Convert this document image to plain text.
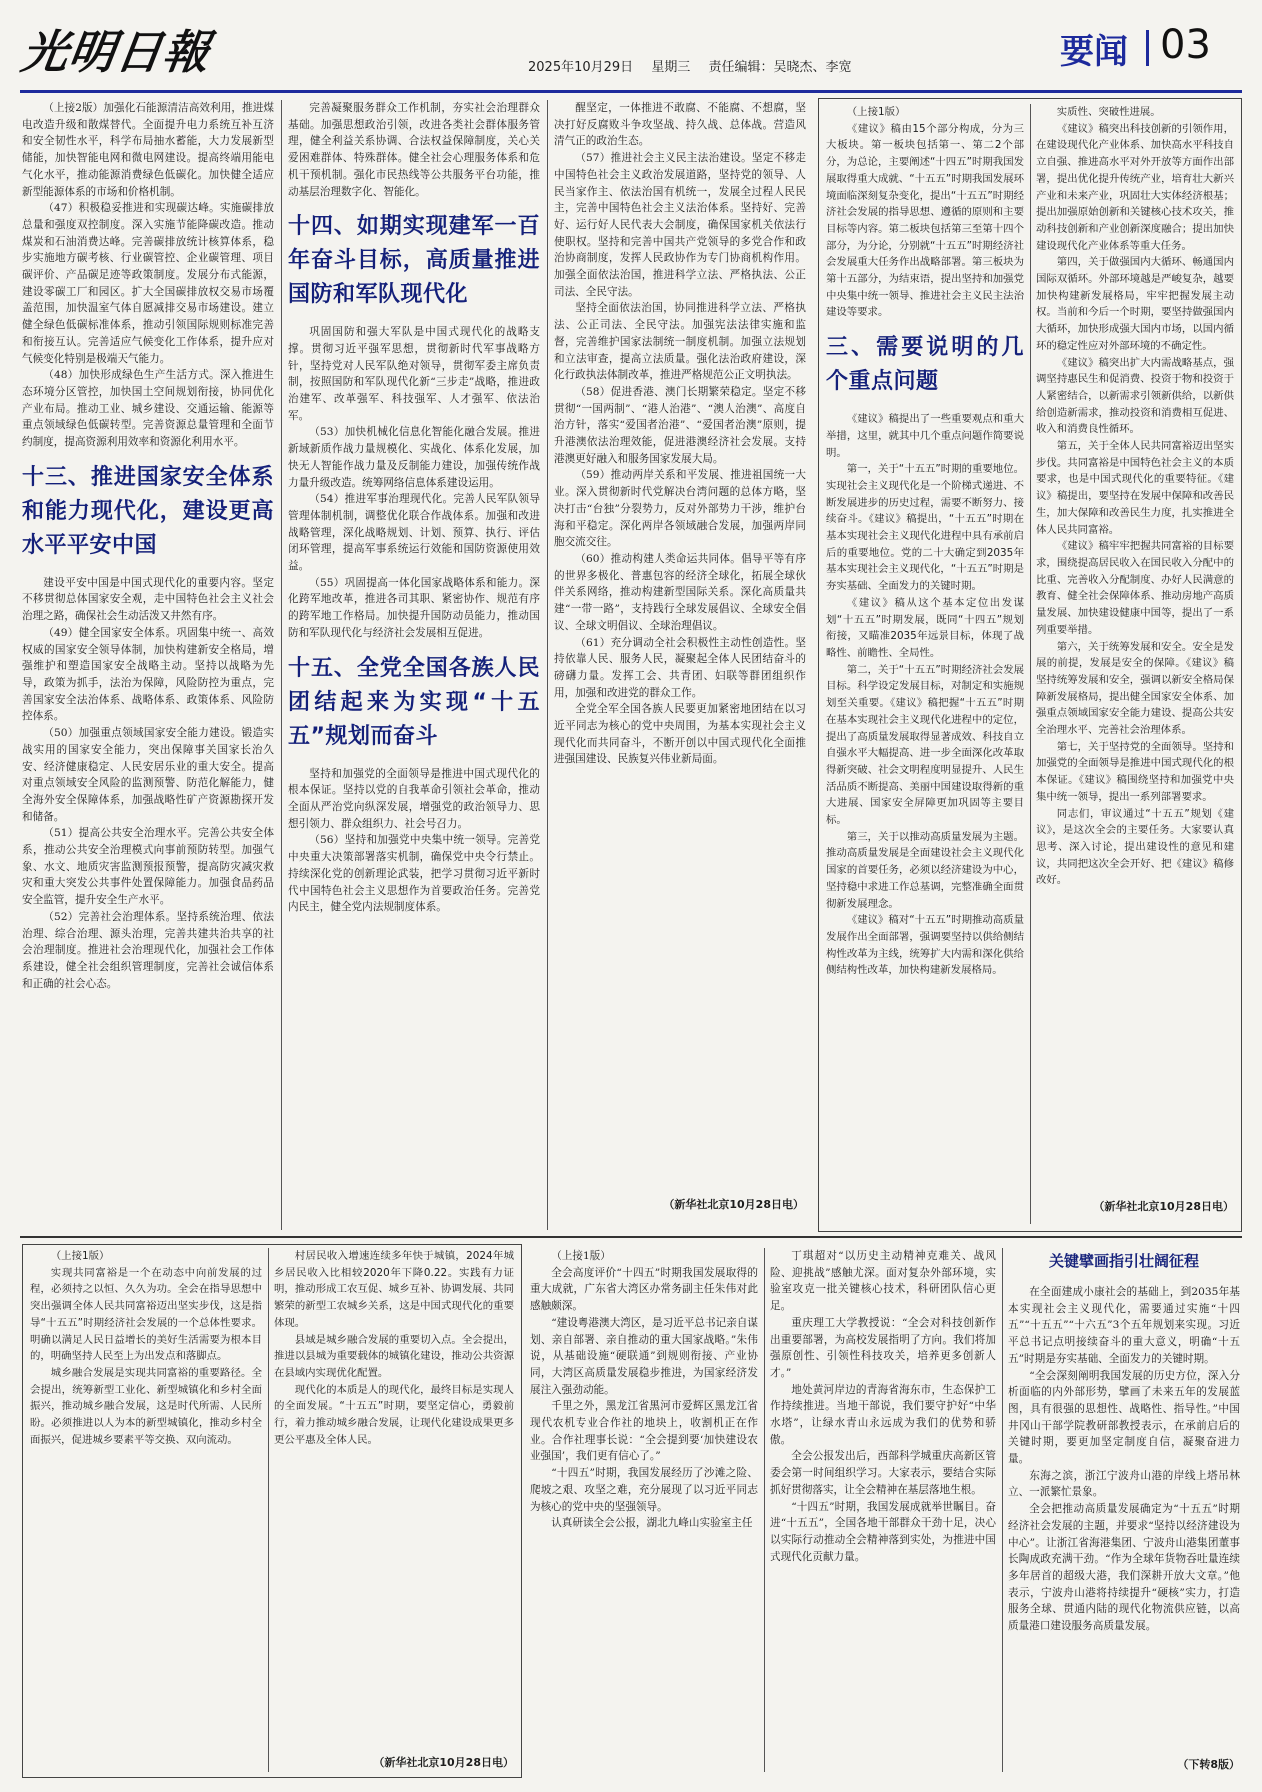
光明日報	2025年10月29日 星期三 责任编辑：吴晓杰、李宽	要闻 03

（上接2版）加强化石能源清洁高效利用，推进煤电改造升级和散煤替代。全面提升电力系统互补互济和安全韧性水平，科学布局抽水蓄能，大力发展新型储能，加快智能电网和微电网建设。提高终端用能电气化水平，推动能源消费绿色低碳化。加快健全适应新型能源体系的市场和价格机制。

（47）积极稳妥推进和实现碳达峰。实施碳排放总量和强度双控制度。深入实施节能降碳改造。推动煤炭和石油消费达峰。完善碳排放统计核算体系，稳步实施地方碳考核、行业碳管控、企业碳管理、项目碳评价、产品碳足迹等政策制度。发展分布式能源，建设零碳工厂和园区。扩大全国碳排放权交易市场覆盖范围，加快温室气体自愿减排交易市场建设。建立健全绿色低碳标准体系，推动引领国际规则标准完善和衔接互认。完善适应气候变化工作体系，提升应对气候变化特别是极端天气能力。

（48）加快形成绿色生产生活方式。深入推进生态环境分区管控，加快国土空间规划衔接，协同优化产业布局。推动工业、城乡建设、交通运输、能源等重点领域绿色低碳转型。完善资源总量管理和全面节约制度，提高资源利用效率和资源化利用水平。

十三、推进国家安全体系和能力现代化，建设更高水平平安中国

建设平安中国是中国式现代化的重要内容。坚定不移贯彻总体国家安全观，走中国特色社会主义社会治理之路，确保社会生动活泼又井然有序。

（49）健全国家安全体系。巩固集中统一、高效权威的国家安全领导体制，加快构建新安全格局，增强维护和塑造国家安全战略主动。坚持以战略为先导，政策为抓手，法治为保障，风险防控为重点，完善国家安全法治体系、战略体系、政策体系、风险防控体系。

（50）加强重点领域国家安全能力建设。锻造实战实用的国家安全能力，突出保障事关国家长治久安、经济健康稳定、人民安居乐业的重大安全。提高对重点领域安全风险的监测预警、防范化解能力，健全海外安全保障体系，加强战略性矿产资源勘探开发和储备。

（51）提高公共安全治理水平。完善公共安全体系，推动公共安全治理模式向事前预防转型。加强气象、水文、地质灾害监测预报预警，提高防灾减灾救灾和重大突发公共事件处置保障能力。加强食品药品安全监管，提升安全生产水平。

（52）完善社会治理体系。坚持系统治理、依法治理、综合治理、源头治理，完善共建共治共享的社会治理制度。推进社会治理现代化，加强社会工作体系建设，健全社会组织管理制度，完善社会诚信体系和正确的社会心态。

完善凝聚服务群众工作机制，夯实社会治理群众基础。加强思想政治引领，改进各类社会群体服务管理，健全利益关系协调、合法权益保障制度，关心关爱困难群体、特殊群体。健全社会心理服务体系和危机干预机制。强化市民热线等公共服务平台功能，推动基层治理数字化、智能化。

十四、如期实现建军一百年奋斗目标，高质量推进国防和军队现代化

巩固国防和强大军队是中国式现代化的战略支撑。贯彻习近平强军思想，贯彻新时代军事战略方针，坚持党对人民军队绝对领导，贯彻军委主席负责制，按照国防和军队现代化新“三步走”战略，推进政治建军、改革强军、科技强军、人才强军、依法治军。

（53）加快机械化信息化智能化融合发展。推进新域新质作战力量规模化、实战化、体系化发展，加快无人智能作战力量及反制能力建设，加强传统作战力量升级改造。统筹网络信息体系建设运用。

（54）推进军事治理现代化。完善人民军队领导管理体制机制，调整优化联合作战体系。加强和改进战略管理，深化战略规划、计划、预算、执行、评估闭环管理，提高军事系统运行效能和国防资源使用效益。

（55）巩固提高一体化国家战略体系和能力。深化跨军地改革，推进各司其职、紧密协作、规范有序的跨军地工作格局。加快提升国防动员能力，推动国防和军队现代化与经济社会发展相互促进。

十五、全党全国各族人民团结起来为实现“十五五”规划而奋斗

坚持和加强党的全面领导是推进中国式现代化的根本保证。坚持以党的自我革命引领社会革命，推动全面从严治党向纵深发展，增强党的政治领导力、思想引领力、群众组织力、社会号召力。

（56）坚持和加强党中央集中统一领导。完善党中央重大决策部署落实机制，确保党中央令行禁止。持续深化党的创新理论武装，把学习贯彻习近平新时代中国特色社会主义思想作为首要政治任务。完善党内民主，健全党内法规制度体系。

醒坚定，一体推进不敢腐、不能腐、不想腐，坚决打好反腐败斗争攻坚战、持久战、总体战。营造风清气正的政治生态。

（57）推进社会主义民主法治建设。坚定不移走中国特色社会主义政治发展道路，坚持党的领导、人民当家作主、依法治国有机统一，发展全过程人民民主，完善中国特色社会主义法治体系。坚持好、完善好、运行好人民代表大会制度，确保国家机关依法行使职权。坚持和完善中国共产党领导的多党合作和政治协商制度，发挥人民政协作为专门协商机构作用。加强全面依法治国，推进科学立法、严格执法、公正司法、全民守法。

坚持全面依法治国，协同推进科学立法、严格执法、公正司法、全民守法。加强宪法法律实施和监督，完善维护国家法制统一制度机制。加强立法规划和立法审查，提高立法质量。强化法治政府建设，深化行政执法体制改革，推进严格规范公正文明执法。

（58）促进香港、澳门长期繁荣稳定。坚定不移贯彻“一国两制”、“港人治港”、“澳人治澳”、高度自治方针，落实“爱国者治港”、“爱国者治澳”原则，提升港澳依法治理效能，促进港澳经济社会发展。支持港澳更好融入和服务国家发展大局。

（59）推动两岸关系和平发展、推进祖国统一大业。深入贯彻新时代党解决台湾问题的总体方略，坚决打击“台独”分裂势力，反对外部势力干涉，维护台海和平稳定。深化两岸各领域融合发展，加强两岸同胞交流交往。

（60）推动构建人类命运共同体。倡导平等有序的世界多极化、普惠包容的经济全球化，拓展全球伙伴关系网络，推动构建新型国际关系。深化高质量共建“一带一路”，支持践行全球发展倡议、全球安全倡议、全球文明倡议、全球治理倡议。

（61）充分调动全社会积极性主动性创造性。坚持依靠人民、服务人民，凝聚起全体人民团结奋斗的磅礴力量。发挥工会、共青团、妇联等群团组织作用，加强和改进党的群众工作。

全党全军全国各族人民要更加紧密地团结在以习近平同志为核心的党中央周围，为基本实现社会主义现代化而共同奋斗，不断开创以中国式现代化全面推进强国建设、民族复兴伟业新局面。

（新华社北京10月28日电）

（上接1版）

《建议》稿由15个部分构成，分为三大板块。第一板块包括第一、第二2个部分，为总论，主要阐述“十四五”时期我国发展取得重大成就、“十五五”时期我国发展环境面临深刻复杂变化，提出“十五五”时期经济社会发展的指导思想、遵循的原则和主要目标等内容。第二板块包括第三至第十四个部分，为分论，分别就“十五五”时期经济社会发展重大任务作出战略部署。第三板块为第十五部分，为结束语，提出坚持和加强党中央集中统一领导、推进社会主义民主法治建设等要求。

三、需要说明的几个重点问题

《建议》稿提出了一些重要观点和重大举措，这里，就其中几个重点问题作简要说明。

第一，关于“十五五”时期的重要地位。实现社会主义现代化是一个阶梯式递进、不断发展进步的历史过程，需要不断努力、接续奋斗。《建议》稿提出，“十五五”时期在基本实现社会主义现代化进程中具有承前启后的重要地位。党的二十大确定到2035年基本实现社会主义现代化，“十五五”时期是夯实基础、全面发力的关键时期。

《建议》稿从这个基本定位出发谋划“十五五”时期发展，既同“十四五”规划衔接，又瞄准2035年远景目标，体现了战略性、前瞻性、全局性。

第二，关于“十五五”时期经济社会发展目标。科学设定发展目标，对制定和实施规划至关重要。《建议》稿把握“十五五”时期在基本实现社会主义现代化进程中的定位，提出了高质量发展取得显著成效、科技自立自强水平大幅提高、进一步全面深化改革取得新突破、社会文明程度明显提升、人民生活品质不断提高、美丽中国建设取得新的重大进展、国家安全屏障更加巩固等主要目标。

第三，关于以推动高质量发展为主题。推动高质量发展是全面建设社会主义现代化国家的首要任务，必须以经济建设为中心，坚持稳中求进工作总基调，完整准确全面贯彻新发展理念。

《建议》稿对“十五五”时期推动高质量发展作出全面部署，强调要坚持以供给侧结构性改革为主线，统筹扩大内需和深化供给侧结构性改革，加快构建新发展格局。

实质性、突破性进展。

《建议》稿突出科技创新的引领作用，在建设现代化产业体系、加快高水平科技自立自强、推进高水平对外开放等方面作出部署，提出优化提升传统产业，培育壮大新兴产业和未来产业，巩固壮大实体经济根基；提出加强原始创新和关键核心技术攻关，推动科技创新和产业创新深度融合；提出加快建设现代化产业体系等重大任务。

第四，关于做强国内大循环、畅通国内国际双循环。外部环境越是严峻复杂，越要加快构建新发展格局，牢牢把握发展主动权。当前和今后一个时期，要坚持做强国内大循环，加快形成强大国内市场，以国内循环的稳定性应对外部环境的不确定性。

《建议》稿突出扩大内需战略基点，强调坚持惠民生和促消费、投资于物和投资于人紧密结合，以新需求引领新供给，以新供给创造新需求，推动投资和消费相互促进、收入和消费良性循环。

第五，关于全体人民共同富裕迈出坚实步伐。共同富裕是中国特色社会主义的本质要求，也是中国式现代化的重要特征。《建议》稿提出，要坚持在发展中保障和改善民生，加大保障和改善民生力度，扎实推进全体人民共同富裕。

《建议》稿牢牢把握共同富裕的目标要求，围绕提高居民收入在国民收入分配中的比重、完善收入分配制度、办好人民满意的教育、健全社会保障体系、推动房地产高质量发展、加快建设健康中国等，提出了一系列重要举措。

第六，关于统筹发展和安全。安全是发展的前提，发展是安全的保障。《建议》稿坚持统筹发展和安全，强调以新安全格局保障新发展格局，提出健全国家安全体系、加强重点领域国家安全能力建设、提高公共安全治理水平、完善社会治理体系。

第七，关于坚持党的全面领导。坚持和加强党的全面领导是推进中国式现代化的根本保证。《建议》稿围绕坚持和加强党中央集中统一领导，提出一系列部署要求。

同志们，审议通过“十五五”规划《建议》，是这次全会的主要任务。大家要认真思考、深入讨论，提出建设性的意见和建议，共同把这次全会开好、把《建议》稿修改好。

（新华社北京10月28日电）

（上接1版）

实现共同富裕是一个在动态中向前发展的过程，必须持之以恒、久久为功。全会在指导思想中突出强调全体人民共同富裕迈出坚实步伐，这是指导“十五五”时期经济社会发展的一个总体性要求。明确以满足人民日益增长的美好生活需要为根本目的，明确坚持人民至上为出发点和落脚点。

城乡融合发展是实现共同富裕的重要路径。全会提出，统筹新型工业化、新型城镇化和乡村全面振兴，推动城乡融合发展，这是时代所需、人民所盼。必须推进以人为本的新型城镇化，推动乡村全面振兴，促进城乡要素平等交换、双向流动。

村居民收入增速连续多年快于城镇，2024年城乡居民收入比相较2020年下降0.22。实践有力证明，推动形成工农互促、城乡互补、协调发展、共同繁荣的新型工农城乡关系，这是中国式现代化的重要体现。

县域是城乡融合发展的重要切入点。全会提出，推进以县城为重要载体的城镇化建设，推动公共资源在县域内实现优化配置。

现代化的本质是人的现代化，最终目标是实现人的全面发展。“十五五”时期，要坚定信心，勇毅前行，着力推动城乡融合发展，让现代化建设成果更多更公平惠及全体人民。

（新华社北京10月28日电）

（上接1版）

全会高度评价“十四五”时期我国发展取得的重大成就，广东省大湾区办常务副主任朱伟对此感触颇深。

“建设粤港澳大湾区，是习近平总书记亲自谋划、亲自部署、亲自推动的重大国家战略。”朱伟说，从基础设施“硬联通”到规则衔接、产业协同，大湾区高质量发展稳步推进，为国家经济发展注入强劲动能。

千里之外，黑龙江省黑河市爱辉区黑龙江省现代农机专业合作社的地块上，收割机正在作业。合作社理事长说：“全会提到要‘加快建设农业强国’，我们更有信心了。”

“十四五”时期，我国发展经历了沙滩之险、爬坡之艰、攻坚之难，充分展现了以习近平同志为核心的党中央的坚强领导。

认真研读全会公报，湖北九峰山实验室主任

丁琪超对“以历史主动精神克难关、战风险、迎挑战”感触尤深。面对复杂外部环境，实验室攻克一批关键核心技术，科研团队信心更足。

重庆理工大学教授说：“全会对科技创新作出重要部署，为高校发展指明了方向。我们将加强原创性、引领性科技攻关，培养更多创新人才。”

地处黄河岸边的青海省海东市，生态保护工作持续推进。当地干部说，我们要守护好“中华水塔”，让绿水青山永远成为我们的优势和骄傲。

全会公报发出后，西部科学城重庆高新区管委会第一时间组织学习。大家表示，要结合实际抓好贯彻落实，让全会精神在基层落地生根。

“十四五”时期，我国发展成就举世瞩目。奋进“十五五”，全国各地干部群众干劲十足，决心以实际行动推动全会精神落到实处，为推进中国式现代化贡献力量。

关键擘画指引壮阔征程

在全面建成小康社会的基础上，到2035年基本实现社会主义现代化，需要通过实施“十四五”“十五五”“十六五”3个五年规划来实现。习近平总书记点明接续奋斗的重大意义，明确“十五五”时期是夯实基础、全面发力的关键时期。

“全会深刻阐明我国发展的历史方位，深入分析面临的内外部形势，擘画了未来五年的发展蓝图，具有很强的思想性、战略性、指导性。”中国井冈山干部学院教研部教授表示，在承前启后的关键时期，要更加坚定制度自信，凝聚奋进力量。

东海之滨，浙江宁波舟山港的岸线上塔吊林立、一派繁忙景象。

全会把推动高质量发展确定为“十五五”时期经济社会发展的主题，并要求“坚持以经济建设为中心”。让浙江省海港集团、宁波舟山港集团董事长陶成政充满干劲。“作为全球年货物吞吐量连续多年居首的超级大港，我们深耕开放大文章。”他表示，宁波舟山港将持续提升“硬核”实力，打造服务全球、贯通内陆的现代化物流供应链，以高质量港口建设服务高质量发展。

（下转8版）
